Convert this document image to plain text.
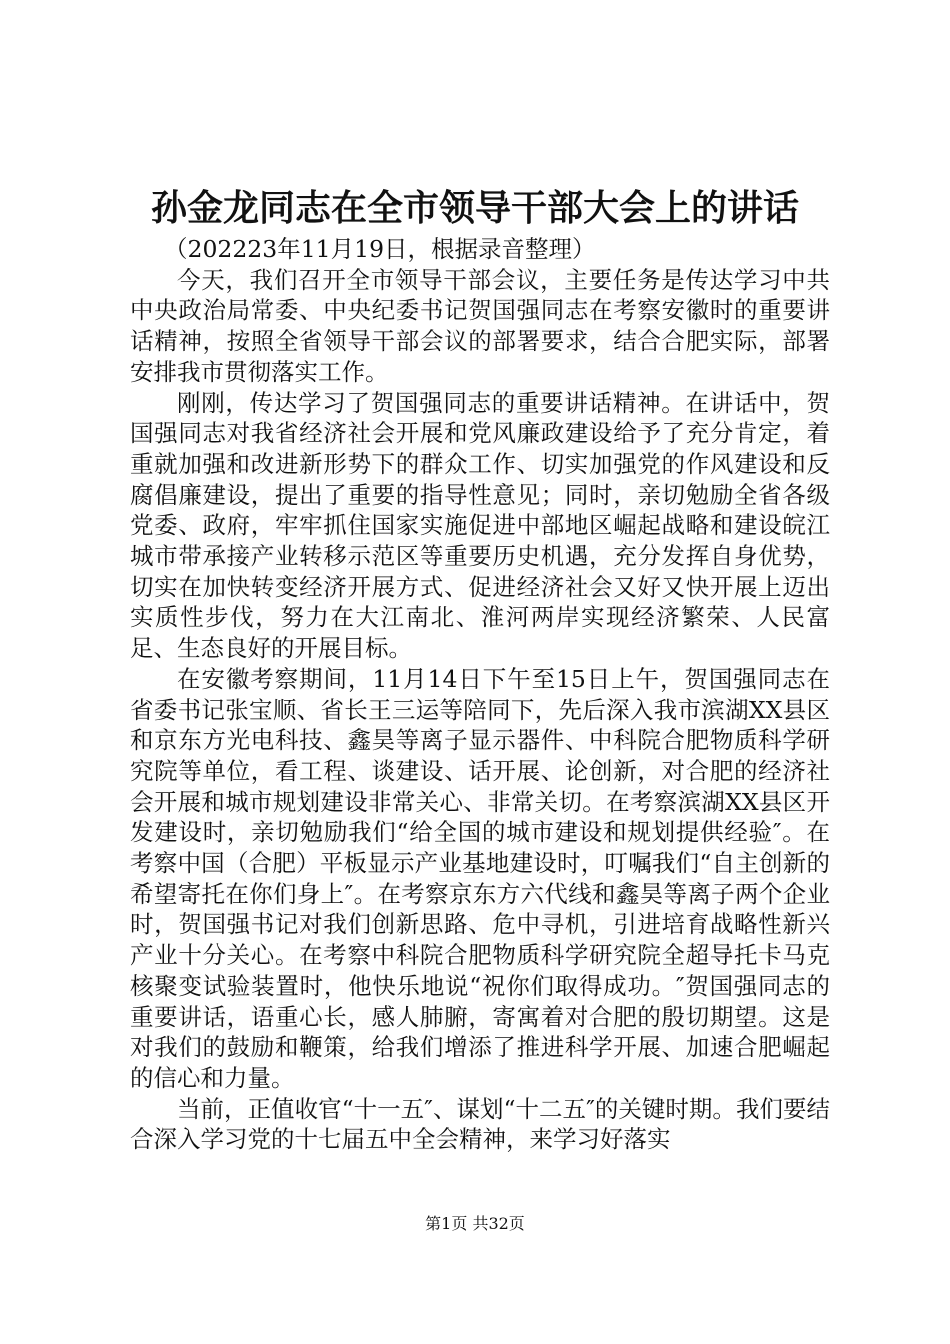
孙金龙同志在全市领导干部大会上的讲话

（202223年11月19日，根据录音整理）

今天，我们召开全市领导干部会议，主要任务是传达学习中共中央政治局常委、中央纪委书记贺国强同志在考察安徽时的重要讲话精神，按照全省领导干部会议的部署要求，结合合肥实际，部署安排我市贯彻落实工作。

刚刚，传达学习了贺国强同志的重要讲话精神。在讲话中，贺国强同志对我省经济社会开展和党风廉政建设给予了充分肯定，着重就加强和改进新形势下的群众工作、切实加强党的作风建设和反腐倡廉建设，提出了重要的指导性意见；同时，亲切勉励全省各级党委、政府，牢牢抓住国家实施促进中部地区崛起战略和建设皖江城市带承接产业转移示范区等重要历史机遇，充分发挥自身优势，切实在加快转变经济开展方式、促进经济社会又好又快开展上迈出实质性步伐，努力在大江南北、淮河两岸实现经济繁荣、人民富足、生态良好的开展目标。

在安徽考察期间，11月14日下午至15日上午，贺国强同志在省委书记张宝顺、省长王三运等陪同下，先后深入我市滨湖XX县区和京东方光电科技、鑫昊等离子显示器件、中科院合肥物质科学研究院等单位，看工程、谈建设、话开展、论创新，对合肥的经济社会开展和城市规划建设非常关心、非常关切。在考察滨湖XX县区开发建设时，亲切勉励我们“给全国的城市建设和规划提供经验″。在考察中国（合肥）平板显示产业基地建设时，叮嘱我们“自主创新的希望寄托在你们身上″。在考察京东方六代线和鑫昊等离子两个企业时，贺国强书记对我们创新思路、危中寻机，引进培育战略性新兴产业十分关心。在考察中科院合肥物质科学研究院全超导托卡马克核聚变试验装置时，他快乐地说“祝你们取得成功。″贺国强同志的重要讲话，语重心长，感人肺腑，寄寓着对合肥的殷切期望。这是对我们的鼓励和鞭策，给我们增添了推进科学开展、加速合肥崛起的信心和力量。

当前，正值收官“十一五″、谋划“十二五″的关键时期。我们要结合深入学习党的十七届五中全会精神，来学习好落实

第1页 共32页
